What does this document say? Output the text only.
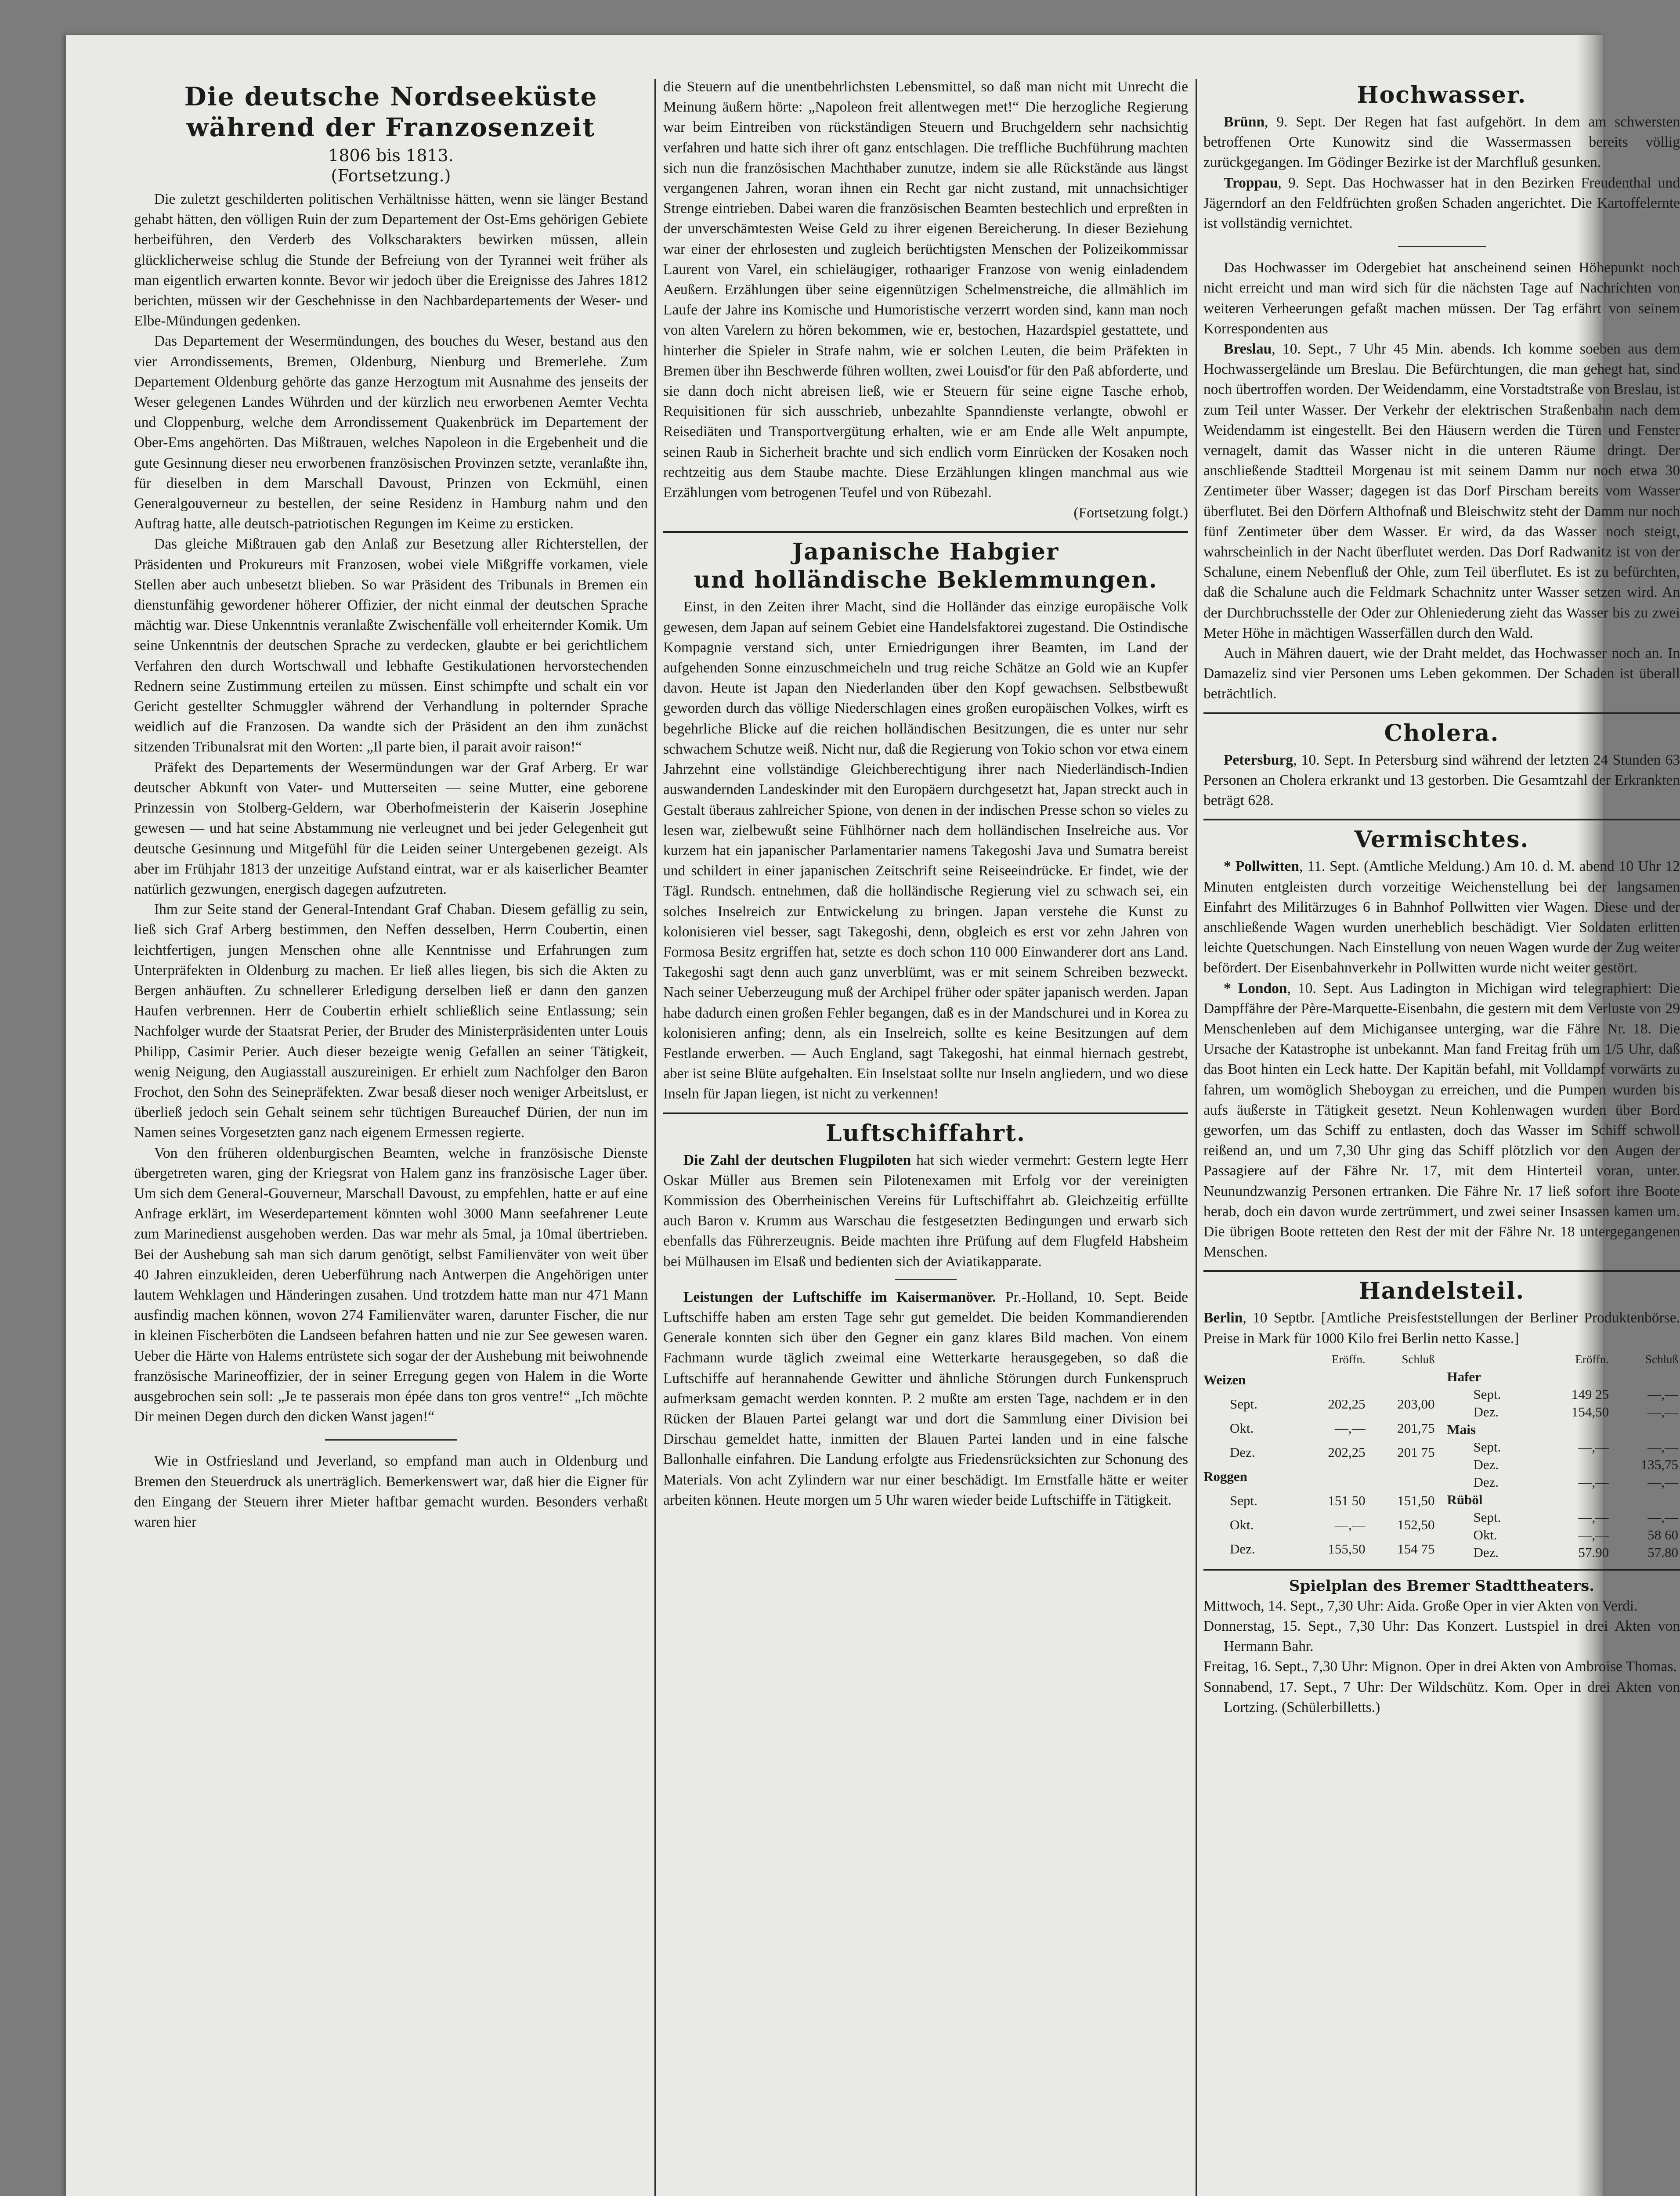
Die deutsche Nordseeküste
während der Franzosenzeit
1806 bis 1813.
(Fortsetzung.)

Die zuletzt geschilderten politischen Verhältnisse hätten, wenn sie länger Bestand gehabt hätten, den völligen Ruin der zum Departement der Ost-Ems gehörigen Gebiete herbeiführen, den Verderb des Volkscharakters bewirken müssen, allein glücklicherweise schlug die Stunde der Befreiung von der Tyrannei weit früher als man eigentlich erwarten konnte. Bevor wir jedoch über die Ereignisse des Jahres 1812 berichten, müssen wir der Geschehnisse in den Nachbardepartements der Weser- und Elbe-Mündungen gedenken.

Das Departement der Wesermündungen, des bouches du Weser, bestand aus den vier Arrondissements, Bremen, Oldenburg, Nienburg und Bremerlehe. Zum Departement Oldenburg gehörte das ganze Herzogtum mit Ausnahme des jenseits der Weser gelegenen Landes Wührden und der kürzlich neu erworbenen Aemter Vechta und Cloppenburg, welche dem Arrondissement Quakenbrück im Departement der Ober-Ems angehörten. Das Mißtrauen, welches Napoleon in die Ergebenheit und die gute Gesinnung dieser neu erworbenen französischen Provinzen setzte, veranlaßte ihn, für dieselben in dem Marschall Davoust, Prinzen von Eckmühl, einen Generalgouverneur zu bestellen, der seine Residenz in Hamburg nahm und den Auftrag hatte, alle deutsch-patriotischen Regungen im Keime zu ersticken.

Das gleiche Mißtrauen gab den Anlaß zur Besetzung aller Richterstellen, der Präsidenten und Prokureurs mit Franzosen, wobei viele Mißgriffe vorkamen, viele Stellen aber auch unbesetzt blieben. So war Präsident des Tribunals in Bremen ein dienstunfähig gewordener höherer Offizier, der nicht einmal der deutschen Sprache mächtig war. Diese Unkenntnis veranlaßte Zwischenfälle voll erheiternder Komik. Um seine Unkenntnis der deutschen Sprache zu verdecken, glaubte er bei gerichtlichem Verfahren den durch Wortschwall und lebhafte Gestikulationen hervorstechenden Rednern seine Zustimmung erteilen zu müssen. Einst schimpfte und schalt ein vor Gericht gestellter Schmuggler während der Verhandlung in polternder Sprache weidlich auf die Franzosen. Da wandte sich der Präsident an den ihm zunächst sitzenden Tribunalsrat mit den Worten: „Il parte bien, il parait avoir raison!“

Präfekt des Departements der Wesermündungen war der Graf Arberg. Er war deutscher Abkunft von Vater- und Mutterseiten — seine Mutter, eine geborene Prinzessin von Stolberg-Geldern, war Oberhofmeisterin der Kaiserin Josephine gewesen — und hat seine Abstammung nie verleugnet und bei jeder Gelegenheit gut deutsche Gesinnung und Mitgefühl für die Leiden seiner Untergebenen gezeigt. Als aber im Frühjahr 1813 der unzeitige Aufstand eintrat, war er als kaiserlicher Beamter natürlich gezwungen, energisch dagegen aufzutreten.

Ihm zur Seite stand der General-Intendant Graf Chaban. Diesem gefällig zu sein, ließ sich Graf Arberg bestimmen, den Neffen desselben, Herrn Coubertin, einen leichtfertigen, jungen Menschen ohne alle Kenntnisse und Erfahrungen zum Unterpräfekten in Oldenburg zu machen. Er ließ alles liegen, bis sich die Akten zu Bergen anhäuften. Zu schnellerer Erledigung derselben ließ er dann den ganzen Haufen verbrennen. Herr de Coubertin erhielt schließlich seine Entlassung; sein Nachfolger wurde der Staatsrat Perier, der Bruder des Ministerpräsidenten unter Louis Philipp, Casimir Perier. Auch dieser bezeigte wenig Gefallen an seiner Tätigkeit, wenig Neigung, den Augiasstall auszureinigen. Er erhielt zum Nachfolger den Baron Frochot, den Sohn des Seinepräfekten. Zwar besaß dieser noch weniger Arbeitslust, er überließ jedoch sein Gehalt seinem sehr tüchtigen Bureauchef Dürien, der nun im Namen seines Vorgesetzten ganz nach eigenem Ermessen regierte.

Von den früheren oldenburgischen Beamten, welche in französische Dienste übergetreten waren, ging der Kriegsrat von Halem ganz ins französische Lager über. Um sich dem General-Gouverneur, Marschall Davoust, zu empfehlen, hatte er auf eine Anfrage erklärt, im Weserdepartement könnten wohl 3000 Mann seefahrener Leute zum Marinedienst ausgehoben werden. Das war mehr als 5mal, ja 10mal übertrieben. Bei der Aushebung sah man sich darum genötigt, selbst Familienväter von weit über 40 Jahren einzukleiden, deren Ueberführung nach Antwerpen die Angehörigen unter lautem Wehklagen und Händeringen zusahen. Und trotzdem hatte man nur 471 Mann ausfindig machen können, wovon 274 Familienväter waren, darunter Fischer, die nur in kleinen Fischerböten die Landseen befahren hatten und nie zur See gewesen waren. Ueber die Härte von Halems entrüstete sich sogar der der Aushebung mit beiwohnende französische Marineoffizier, der in seiner Erregung gegen von Halem in die Worte ausgebrochen sein soll: „Je te passerais mon épée dans ton gros ventre!“ „Ich möchte Dir meinen Degen durch den dicken Wanst jagen!“

Wie in Ostfriesland und Jeverland, so empfand man auch in Oldenburg und Bremen den Steuerdruck als unerträglich. Bemerkenswert war, daß hier die Eigner für den Eingang der Steuern ihrer Mieter haftbar gemacht wurden. Besonders verhaßt waren hier

die Steuern auf die unentbehrlichsten Lebensmittel, so daß man nicht mit Unrecht die Meinung äußern hörte: „Napoleon freit allentwegen met!“ Die herzogliche Regierung war beim Eintreiben von rückständigen Steuern und Bruchgeldern sehr nachsichtig verfahren und hatte sich ihrer oft ganz entschlagen. Die treffliche Buchführung machten sich nun die französischen Machthaber zunutze, indem sie alle Rückstände aus längst vergangenen Jahren, woran ihnen ein Recht gar nicht zustand, mit unnachsichtiger Strenge eintrieben. Dabei waren die französischen Beamten bestechlich und erpreßten in der unverschämtesten Weise Geld zu ihrer eigenen Bereicherung. In dieser Beziehung war einer der ehrlosesten und zugleich berüchtigsten Menschen der Polizeikommissar Laurent von Varel, ein schieläugiger, rothaariger Franzose von wenig einladendem Aeußern. Erzählungen über seine eigennützigen Schelmenstreiche, die allmählich im Laufe der Jahre ins Komische und Humoristische verzerrt worden sind, kann man noch von alten Varelern zu hören bekommen, wie er, bestochen, Hazardspiel gestattete, und hinterher die Spieler in Strafe nahm, wie er solchen Leuten, die beim Präfekten in Bremen über ihn Beschwerde führen wollten, zwei Louisd'or für den Paß abforderte, und sie dann doch nicht abreisen ließ, wie er Steuern für seine eigne Tasche erhob, Requisitionen für sich ausschrieb, unbezahlte Spanndienste verlangte, obwohl er Reisediäten und Transportvergütung erhalten, wie er am Ende alle Welt anpumpte, seinen Raub in Sicherheit brachte und sich endlich vorm Einrücken der Kosaken noch rechtzeitig aus dem Staube machte. Diese Erzählungen klingen manchmal aus wie Erzählungen vom betrogenen Teufel und von Rübezahl.

(Fortsetzung folgt.)

Japanische Habgier
und holländische Beklemmungen.

Einst, in den Zeiten ihrer Macht, sind die Holländer das einzige europäische Volk gewesen, dem Japan auf seinem Gebiet eine Handelsfaktorei zugestand. Die Ostindische Kompagnie verstand sich, unter Erniedrigungen ihrer Beamten, im Land der aufgehenden Sonne einzuschmeicheln und trug reiche Schätze an Gold wie an Kupfer davon. Heute ist Japan den Niederlanden über den Kopf gewachsen. Selbstbewußt geworden durch das völlige Niederschlagen eines großen europäischen Volkes, wirft es begehrliche Blicke auf die reichen holländischen Besitzungen, die es unter nur sehr schwachem Schutze weiß. Nicht nur, daß die Regierung von Tokio schon vor etwa einem Jahrzehnt eine vollständige Gleichberechtigung ihrer nach Niederländisch-Indien auswandernden Landeskinder mit den Europäern durchgesetzt hat, Japan streckt auch in Gestalt überaus zahlreicher Spione, von denen in der indischen Presse schon so vieles zu lesen war, zielbewußt seine Fühlhörner nach dem holländischen Inselreiche aus. Vor kurzem hat ein japanischer Parlamentarier namens Takegoshi Java und Sumatra bereist und schildert in einer japanischen Zeitschrift seine Reiseeindrücke. Er findet, wie der Tägl. Rundsch. entnehmen, daß die holländische Regierung viel zu schwach sei, ein solches Inselreich zur Entwickelung zu bringen. Japan verstehe die Kunst zu kolonisieren viel besser, sagt Takegoshi, denn, obgleich es erst vor zehn Jahren von Formosa Besitz ergriffen hat, setzte es doch schon 110 000 Einwanderer dort ans Land. Takegoshi sagt denn auch ganz unverblümt, was er mit seinem Schreiben bezweckt. Nach seiner Ueberzeugung muß der Archipel früher oder später japanisch werden. Japan habe dadurch einen großen Fehler begangen, daß es in der Mandschurei und in Korea zu kolonisieren anfing; denn, als ein Inselreich, sollte es keine Besitzungen auf dem Festlande erwerben. — Auch England, sagt Takegoshi, hat einmal hiernach gestrebt, aber ist seine Blüte aufgehalten. Ein Inselstaat sollte nur Inseln angliedern, und wo diese Inseln für Japan liegen, ist nicht zu verkennen!

Luftschiffahrt.

Die Zahl der deutschen Flugpiloten hat sich wieder vermehrt: Gestern legte Herr Oskar Müller aus Bremen sein Pilotenexamen mit Erfolg vor der vereinigten Kommission des Oberrheinischen Vereins für Luftschiffahrt ab. Gleichzeitig erfüllte auch Baron v. Krumm aus Warschau die festgesetzten Bedingungen und erwarb sich ebenfalls das Führerzeugnis. Beide machten ihre Prüfung auf dem Flugfeld Habsheim bei Mülhausen im Elsaß und bedienten sich der Aviatikapparate.

Leistungen der Luftschiffe im Kaisermanöver. Pr.-Holland, 10. Sept. Beide Luftschiffe haben am ersten Tage sehr gut gemeldet. Die beiden Kommandierenden Generale konnten sich über den Gegner ein ganz klares Bild machen. Von einem Fachmann wurde täglich zweimal eine Wetterkarte herausgegeben, so daß die Luftschiffe auf herannahende Gewitter und ähnliche Störungen durch Funkenspruch aufmerksam gemacht werden konnten. P. 2 mußte am ersten Tage, nachdem er in den Rücken der Blauen Partei gelangt war und dort die Sammlung einer Division bei Dirschau gemeldet hatte, inmitten der Blauen Partei landen und in eine falsche Ballonhalle einfahren. Die Landung erfolgte aus Friedensrücksichten zur Schonung des Materials. Von acht Zylindern war nur einer beschädigt. Im Ernstfalle hätte er weiter arbeiten können. Heute morgen um 5 Uhr waren wieder beide Luftschiffe in Tätigkeit.

Hochwasser.

Brünn, 9. Sept. Der Regen hat fast aufgehört. In dem am schwersten betroffenen Orte Kunowitz sind die Wassermassen bereits völlig zurückgegangen. Im Gödinger Bezirke ist der Marchfluß gesunken.

Troppau, 9. Sept. Das Hochwasser hat in den Bezirken Freudenthal und Jägerndorf an den Feldfrüchten großen Schaden angerichtet. Die Kartoffelernte ist vollständig vernichtet.

Das Hochwasser im Odergebiet hat anscheinend seinen Höhepunkt noch nicht erreicht und man wird sich für die nächsten Tage auf Nachrichten von weiteren Verheerungen gefaßt machen müssen. Der Tag erfährt von seinem Korrespondenten aus

Breslau, 10. Sept., 7 Uhr 45 Min. abends. Ich komme soeben aus dem Hochwassergelände um Breslau. Die Befürchtungen, die man gehegt hat, sind noch übertroffen worden. Der Weidendamm, eine Vorstadtstraße von Breslau, ist zum Teil unter Wasser. Der Verkehr der elektrischen Straßenbahn nach dem Weidendamm ist eingestellt. Bei den Häusern werden die Türen und Fenster vernagelt, damit das Wasser nicht in die unteren Räume dringt. Der anschließende Stadtteil Morgenau ist mit seinem Damm nur noch etwa 30 Zentimeter über Wasser; dagegen ist das Dorf Pirscham bereits vom Wasser überflutet. Bei den Dörfern Althofnaß und Bleischwitz steht der Damm nur noch fünf Zentimeter über dem Wasser. Er wird, da das Wasser noch steigt, wahrscheinlich in der Nacht überflutet werden. Das Dorf Radwanitz ist von der Schalune, einem Nebenfluß der Ohle, zum Teil überflutet. Es ist zu befürchten, daß die Schalune auch die Feldmark Schachnitz unter Wasser setzen wird. An der Durchbruchsstelle der Oder zur Ohleniederung zieht das Wasser bis zu zwei Meter Höhe in mächtigen Wasserfällen durch den Wald.

Auch in Mähren dauert, wie der Draht meldet, das Hochwasser noch an. In Damazeliz sind vier Personen ums Leben gekommen. Der Schaden ist überall beträchtlich.

Cholera.

Petersburg, 10. Sept. In Petersburg sind während der letzten 24 Stunden 63 Personen an Cholera erkrankt und 13 gestorben. Die Gesamtzahl der Erkrankten beträgt 628.

Vermischtes.

* Pollwitten, 11. Sept. (Amtliche Meldung.) Am 10. d. M. abend 10 Uhr 12 Minuten entgleisten durch vorzeitige Weichenstellung bei der langsamen Einfahrt des Militärzuges 6 in Bahnhof Pollwitten vier Wagen. Diese und der anschließende Wagen wurden unerheblich beschädigt. Vier Soldaten erlitten leichte Quetschungen. Nach Einstellung von neuen Wagen wurde der Zug weiter befördert. Der Eisenbahnverkehr in Pollwitten wurde nicht weiter gestört.

* London, 10. Sept. Aus Ladington in Michigan wird telegraphiert: Die Dampffähre der Père-Marquette-Eisenbahn, die gestern mit dem Verluste von 29 Menschenleben auf dem Michigansee unterging, war die Fähre Nr. 18. Die Ursache der Katastrophe ist unbekannt. Man fand Freitag früh um 1/5 Uhr, daß das Boot hinten ein Leck hatte. Der Kapitän befahl, mit Volldampf vorwärts zu fahren, um womöglich Sheboygan zu erreichen, und die Pumpen wurden bis aufs äußerste in Tätigkeit gesetzt. Neun Kohlenwagen wurden über Bord geworfen, um das Schiff zu entlasten, doch das Wasser im Schiff schwoll reißend an, und um 7,30 Uhr ging das Schiff plötzlich vor den Augen der Passagiere auf der Fähre Nr. 17, mit dem Hinterteil voran, unter. Neunundzwanzig Personen ertranken. Die Fähre Nr. 17 ließ sofort ihre Boote herab, doch ein davon wurde zertrümmert, und zwei seiner Insassen kamen um. Die übrigen Boote retteten den Rest der mit der Fähre Nr. 18 untergegangenen Menschen.

Handelsteil.

Berlin, 10 Septbr. [Amtliche Preisfeststellungen der Berliner Produktenbörse. Preise in Mark für 1000 Kilo frei Berlin netto Kasse.]

	Eröffn.	Schluß
Weizen		
Sept.	202,25	203,00
Okt.	—,—	201,75
Dez.	202,25	201 75

Roggen		
Sept.	151 50	151,50
Okt.	—,—	152,50
Dez.	155,50	154 75
	Eröffn.	Schluß
Hafer		
Sept.	149 25	—,—
Dez.	154,50	—,—
Mais		
Sept.	—,—	—,—
Dez.		135,75
Dez.	—,—	—,—
Rüböl		
Sept.	—,—	—,—
Okt.	—,—	58 60
Dez.	57.90	57.80
Spielplan des Bremer Stadttheaters.

Mittwoch, 14. Sept., 7,30 Uhr: Aida. Große Oper in vier Akten von Verdi.

Donnerstag, 15. Sept., 7,30 Uhr: Das Konzert. Lustspiel in drei Akten von Hermann Bahr.

Freitag, 16. Sept., 7,30 Uhr: Mignon. Oper in drei Akten von Ambroise Thomas.

Sonnabend, 17. Sept., 7 Uhr: Der Wildschütz. Kom. Oper in drei Akten von Lortzing. (Schülerbilletts.)
